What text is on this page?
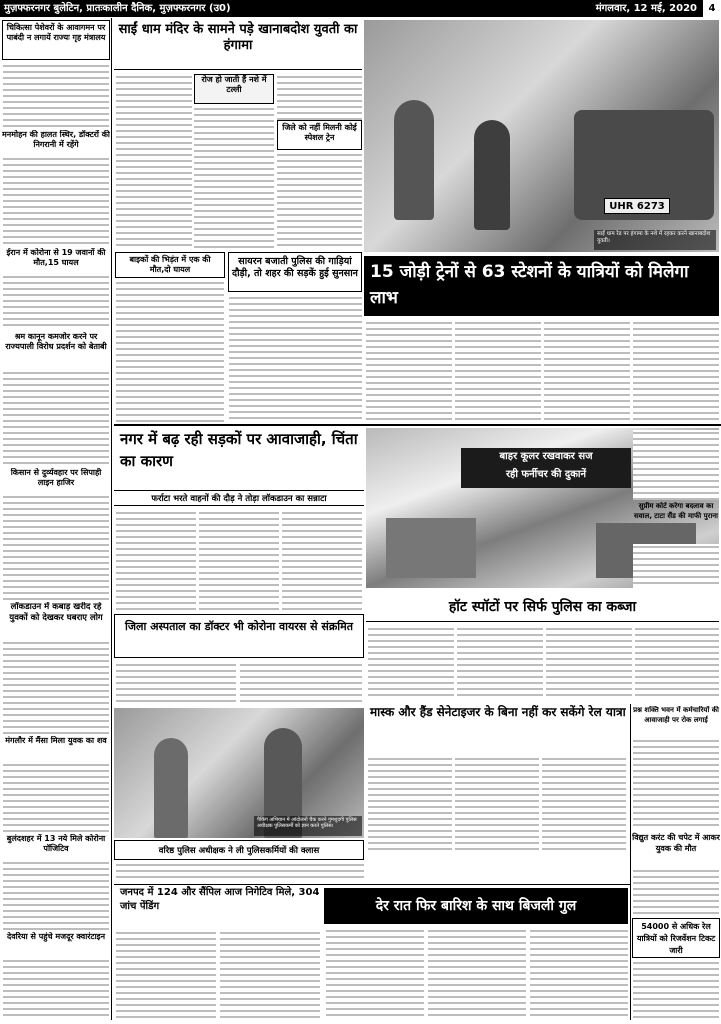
मुज़फ्फरनगर बुलेटिन, प्रातःकालीन दैनिक, मुज़फ्फरनगर (उ0)	मंगलवार, 12 मई, 2020	4
चिकित्सा पेशेवरों के आवागमन पर पाबंदी न लगायें राज्यः गृह मंत्रालय
मनमोहन की हालत स्थिर, डॉक्टरों की निगरानी में रहेंगे
ईरान में कोरोना से 19 जवानों की मौत,15 घायल
श्रम कानून कमजोर करने पर राज्यपाली विरोध प्रदर्शन को बेताबी
किसान से दुर्व्यवहार पर सिपाही लाइन हाजिर
लॉकडाउन में कबाड़ खरीद रहे युवकों को देखकर घबराए लोग
मंगलौर में मैंसा मिला युवक का शव
बुलंदशहर में 13 नये मिले कोरोना पॉजिटिव
देवरिया से पहुंचे मजदूर क्वारंटाइन
साईं धाम मंदिर के सामने पड़े खानाबदोश युवती का हंगामा
रोज हो जाती हैं नशे में टल्ली
जिले को नहीं मिलनी कोई स्पेशल ट्रेन
बाइकों की भिड़ंत में एक की मौत,दो घायल
सायरन बजाती पुलिस की गाड़ियां दौड़ी, तो शहर की सड़कें हुई सुनसान
UHR 6273
साईं धाम रेड पर हंगामा के नशे में रहकर करने खानाबदोश युवती।
15 जोड़ी ट्रेनों से 63 स्टेशनों के यात्रियों को मिलेगा लाभ
नगर में बढ़ रही सड़कों पर आवाजाही, चिंता का कारण
फर्राटा भरते वाहनों की दौड़ ने तोड़ा लॉकडाउन का सन्नाटा
बाहर कूलर रखवाकर सज
रही फर्नीचर की दुकानें
हॉट स्पॉटों पर सिर्फ पुलिस का कब्जा
जिला अस्पताल का डॉक्टर भी कोरोना वायरस से संक्रमित
मास्क और हैंड सेनेटाइजर के बिना नहीं कर सकेंगे रेल यात्रा
पैकिंग अभियान में आंदोलनों चैक करने गुमशुदगी पुलिस अधीक्षक पुलिसकर्मी को ज्ञान करते पुलिस।
वरिष्ठ पुलिस अधीक्षक ने ली पुलिसकर्मियों की क्लास
सुप्रीम कोर्ट करेगा बदलाव का सवाल, टाटा सैंड की माफी पुराना
प्रश्न शक्ति भवन में कर्मचारियों की आवाजाही पर रोक लगाई
विद्युत करंट की चपेट में आकर युवक की मौत
54000 से अधिक रेल यात्रियों को रिजर्वेशन टिकट जारी
जनपद में 124 और सैंपिल आज निगेटिव मिले, 304 जांच पेंडिंग	देर रात फिर बारिश के साथ बिजली गुल
